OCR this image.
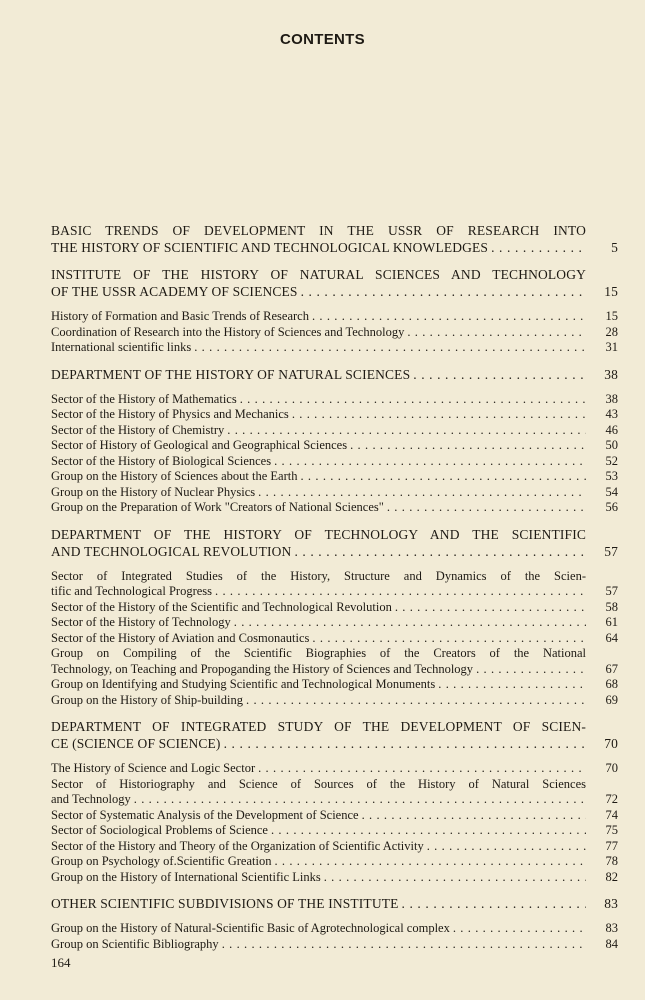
CONTENTS
BASIC TRENDS OF DEVELOPMENT IN THE USSR OF RESEARCH INTO
THE HISTORY OF SCIENTIFIC AND TECHNOLOGICAL KNOWLEDGES . . .	5
INSTITUTE OF THE HISTORY OF NATURAL SCIENCES AND TECHNOLOGY
OF THE USSR ACADEMY OF SCIENCES . . .	15
History of Formation and Basic Trends of Research . . .	15
Coordination of Research into the History of Sciences and Technology . . .	28
International scientific links . . .	31
DEPARTMENT OF THE HISTORY OF NATURAL SCIENCES . . .	38
Sector of the History of Mathematics . . .	38
Sector of the History of Physics and Mechanics . . .	43
Sector of the History of Chemistry . . .	46
Sector of History of Geological and Geographical Sciences . . .	50
Sector of the History of Biological Sciences . . .	52
Group on the History of Sciences about the Earth . . .	53
Group on the History of Nuclear Physics . . .	54
Group on the Preparation of Work "Creators of National Sciences" . . .	56
DEPARTMENT OF THE HISTORY OF TECHNOLOGY AND THE SCIENTIFIC
AND TECHNOLOGICAL REVOLUTION . . .	57
Sector of Integrated Studies of the History, Structure and Dynamics of the Scien-
tific and Technological Progress . . .	57
Sector of the History of the Scientific and Technological Revolution . . .	58
Sector of the History of Technology . . .	61
Sector of the History of Aviation and Cosmonautics . . .	64
Group on Compiling of the Scientific Biographies of the Creators of the National
Technology, on Teaching and Propoganding the History of Sciences and Technology . . .	67
Group on Identifying and Studying Scientific and Technological Monuments . . .	68
Group on the History of Ship-building . . .	69
DEPARTMENT OF INTEGRATED STUDY OF THE DEVELOPMENT OF SCIEN-
CE (SCIENCE OF SCIENCE) . . .	70
The History of Science and Logic Sector . . .	70
Sector of Historiography and Science of Sources of the History of Natural Sciences
and Technology . . .	72
Sector of Systematic Analysis of the Development of Science . . .	74
Sector of Sociological Problems of Science . . .	75
Sector of the History and Theory of the Organization of Scientific Activity . . .	77
Group on Psychology of.Scientific Greation . . .	78
Group on the History of International Scientific Links . . .	82
OTHER SCIENTIFIC SUBDIVISIONS OF THE INSTITUTE . . .	83
Group on the History of Natural-Scientific Basic of Agrotechnological complex . . .	83
Group on Scientific Bibliography . . .	84
164
